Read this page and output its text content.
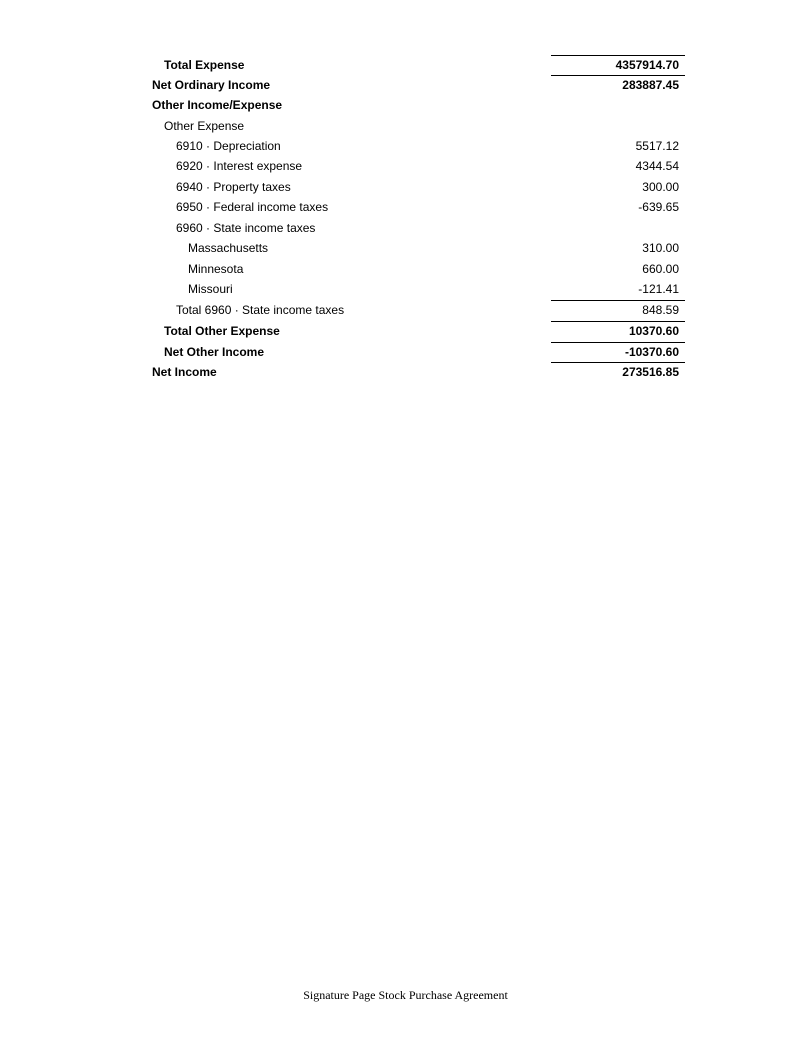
Total Expense	4357914.70
Net Ordinary Income	283887.45
Other Income/Expense
Other Expense
6910 · Depreciation	5517.12
6920 · Interest expense	4344.54
6940 · Property taxes	300.00
6950 · Federal income taxes	-639.65
6960 · State income taxes
Massachusetts	310.00
Minnesota	660.00
Missouri	-121.41
Total 6960 · State income taxes	848.59
Total Other Expense	10370.60
Net Other Income	-10370.60
Net Income	273516.85
Signature Page Stock Purchase Agreement
